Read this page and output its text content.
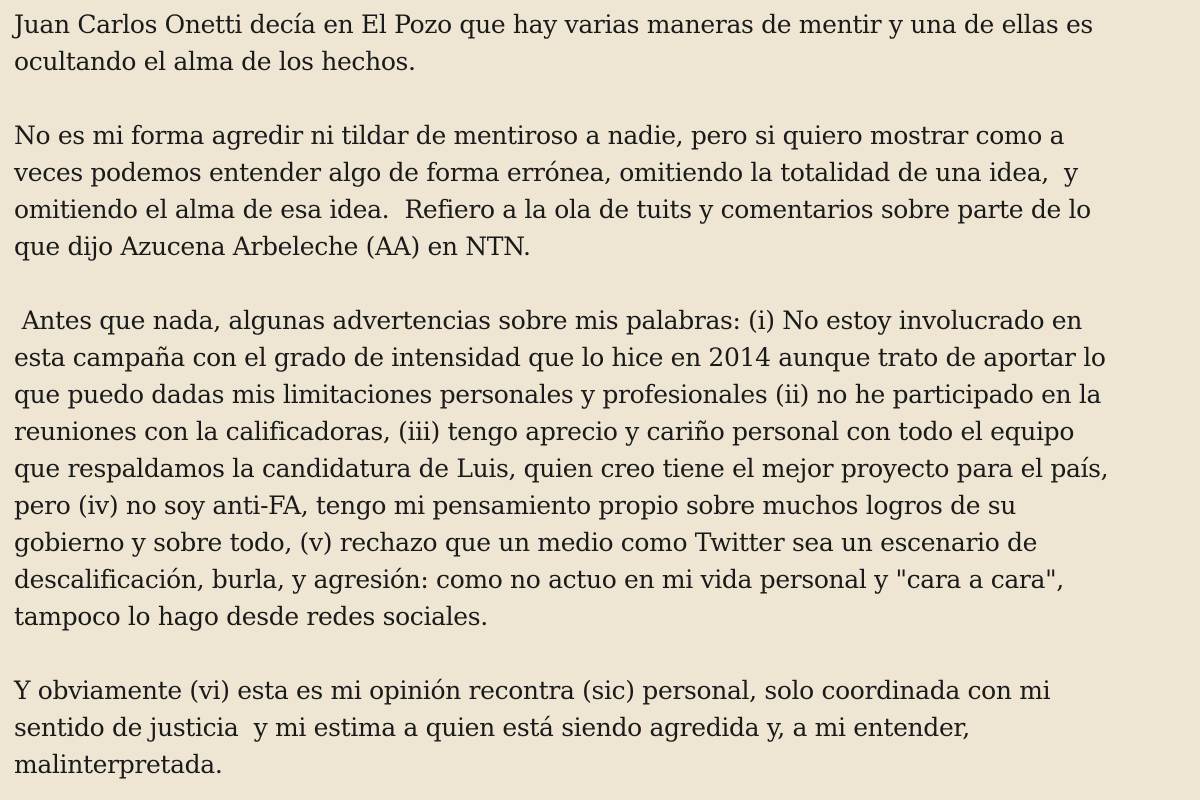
Juan Carlos Onetti decía en El Pozo que hay varias maneras de mentir y una de ellas es
ocultando el alma de los hechos.

No es mi forma agredir ni tildar de mentiroso a nadie, pero si quiero mostrar como a
veces podemos entender algo de forma errónea, omitiendo la totalidad de una idea,  y
omitiendo el alma de esa idea.  Refiero a la ola de tuits y comentarios sobre parte de lo
que dijo Azucena Arbeleche (AA) en NTN.

Antes que nada, algunas advertencias sobre mis palabras: (i) No estoy involucrado en
esta campaña con el grado de intensidad que lo hice en 2014 aunque trato de aportar lo
que puedo dadas mis limitaciones personales y profesionales (ii) no he participado en la
reuniones con la calificadoras, (iii) tengo aprecio y cariño personal con todo el equipo
que respaldamos la candidatura de Luis, quien creo tiene el mejor proyecto para el país,
pero (iv) no soy anti-FA, tengo mi pensamiento propio sobre muchos logros de su
gobierno y sobre todo, (v) rechazo que un medio como Twitter sea un escenario de
descalificación, burla, y agresión: como no actuo en mi vida personal y "cara a cara",
tampoco lo hago desde redes sociales.

Y obviamente (vi) esta es mi opinión recontra (sic) personal, solo coordinada con mi
sentido de justicia  y mi estima a quien está siendo agredida y, a mi entender,
malinterpretada.
